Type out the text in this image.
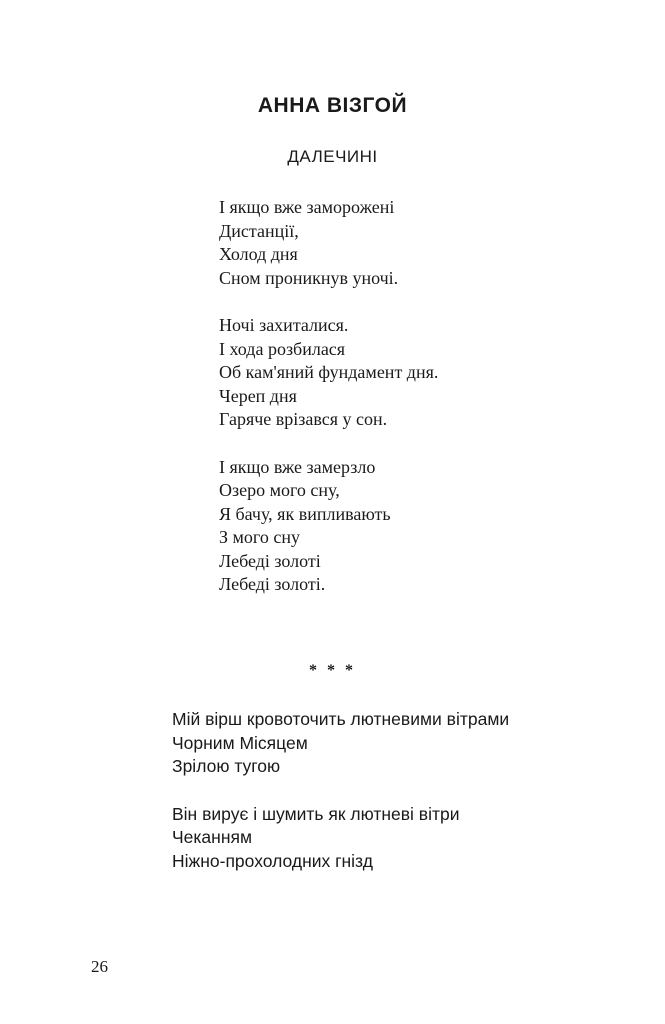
АННА ВІЗГОЙ
ДАЛЕЧИНІ
І якщо вже заморожені
Дистанції,
Холод дня
Сном проникнув уночі.
Ночі захиталися.
І хода розбилася
Об кам'яний фундамент дня.
Череп дня
Гаряче врізався у сон.
І якщо вже замерзло
Озеро мого сну,
Я бачу, як випливають
З мого сну
Лебеді золоті
Лебеді золоті.
* * *
Мій вірш кровоточить лютневими вітрами
Чорним Місяцем
Зрілою тугою
Він вирує і шумить як лютневі вітри
Чеканням
Ніжно-прохолодних гнізд
26
